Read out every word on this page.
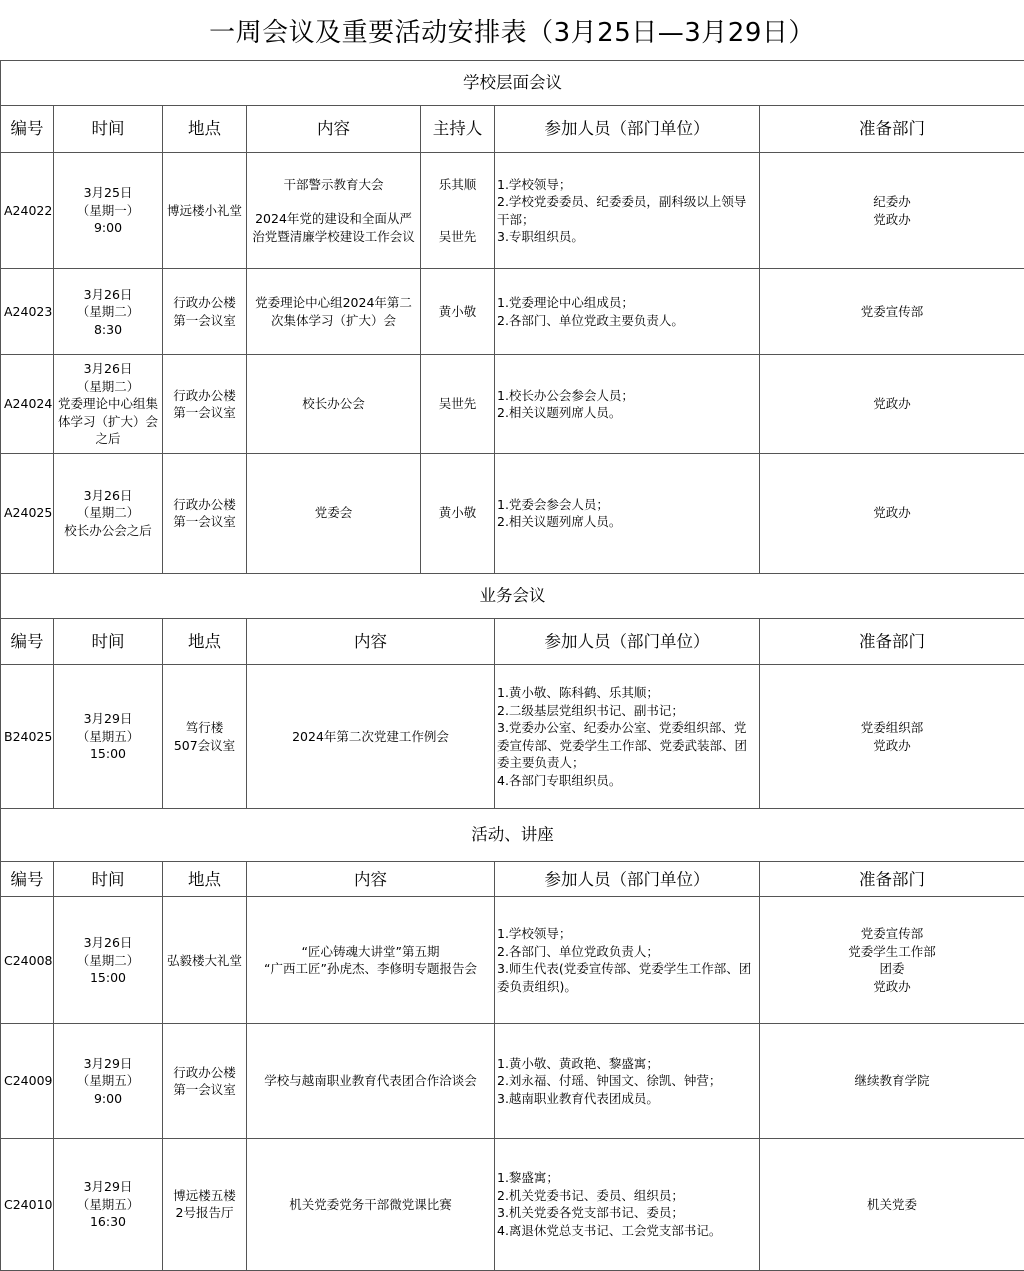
一周会议及重要活动安排表（3月25日—3月29日）
学校层面会议						
编号	时间	地点	内容	主持人	参加人员（部门单位）	准备部门
A24022	3月25日
（星期一）
9:00	博远楼小礼堂	干部警示教育大会
2024年党的建设和全面从严治党暨清廉学校建设工作会议	乐其顺
吴世先	1.学校领导；
2.学校党委委员、纪委委员，副科级以上领导干部；
3.专职组织员。	纪委办
党政办

A24023	3月26日
（星期二）
8:30	行政办公楼
第一会议室	党委理论中心组2024年第二次集体学习（扩大）会	黄小敬	1.党委理论中心组成员；
2.各部门、单位党政主要负责人。	党委宣传部

A24024	3月26日
（星期二）
党委理论中心组集体学习（扩大）会之后	行政办公楼
第一会议室	校长办公会	吴世先	1.校长办公会参会人员；
2.相关议题列席人员。	党政办

A24025	3月26日
（星期二）
校长办公会之后	行政办公楼
第一会议室	党委会	黄小敬	1.党委会参会人员；
2.相关议题列席人员。	党政办

业务会议						
编号	时间	地点	内容		参加人员（部门单位）	准备部门
B24025	3月29日
（星期五）
15:00	笃行楼
507会议室	2024年第二次党建工作例会		1.黄小敬、陈科鹤、乐其顺；
2.二级基层党组织书记、副书记；
3.党委办公室、纪委办公室、党委组织部、党委宣传部、党委学生工作部、党委武装部、团委主要负责人；
4.各部门专职组织员。	党委组织部
党政办

活动、讲座						
编号	时间	地点	内容		参加人员（部门单位）	准备部门
C24008	3月26日
（星期二）
15:00	弘毅楼大礼堂	“匠心铸魂大讲堂”第五期
“广西工匠”孙虎杰、李修明专题报告会		1.学校领导；
2.各部门、单位党政负责人；
3.师生代表(党委宣传部、党委学生工作部、团委负责组织)。	党委宣传部
党委学生工作部
团委
党政办

C24009	3月29日
（星期五）
9:00	行政办公楼
第一会议室	学校与越南职业教育代表团合作洽谈会		1.黄小敬、黄政艳、黎盛寓；
2.刘永福、付瑶、钟国文、徐凯、钟营；
3.越南职业教育代表团成员。	继续教育学院

C24010	3月29日
（星期五）
16:30	博远楼五楼
2号报告厅	机关党委党务干部微党课比赛		1.黎盛寓；
2.机关党委书记、委员、组织员；
3.机关党委各党支部书记、委员；
4.离退休党总支书记、工会党支部书记。	机关党委
